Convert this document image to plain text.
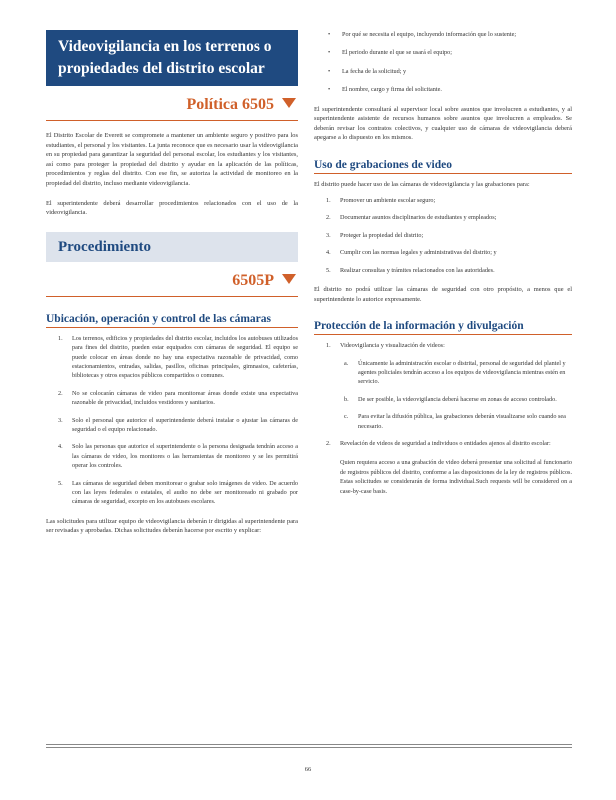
Videovigilancia en los terrenos o
propiedades del distrito escolar
Política 6505

El Distrito Escolar de Everett se compromete a mantener un ambiente seguro y positivo para los estudiantes, el personal y los visitantes. La junta reconoce que es necesario usar la videovigilancia en su propiedad para garantizar la seguridad del personal escolar, los estudiantes y los visitantes, así como para proteger la propiedad del distrito y ayudar en la aplicación de las políticas, procedimientos y reglas del distrito. Con ese fin, se autoriza la actividad de monitoreo en la propiedad del distrito, incluso mediante videovigilancia.

El superintendente deberá desarrollar procedimientos relacionados con el uso de la videovigilancia.

Procedimiento
6505P
Ubicación, operación y control de las cámaras
1. Los terrenos, edificios y propiedades del distrito escolar, incluidos los autobuses utilizados para fines del distrito, pueden estar equipados con cámaras de seguridad. El equipo se puede colocar en áreas donde no hay una expectativa razonable de privacidad, como estacionamientos, entradas, salidas, pasillos, oficinas principales, gimnasios, cafeterías, bibliotecas y otros espacios públicos compartidos o comunes.
2. No se colocarán cámaras de video para monitorear áreas donde existe una expectativa razonable de privacidad, incluidos vestidores y sanitarios.
3. Solo el personal que autorice el superintendente deberá instalar o ajustar las cámaras de seguridad o el equipo relacionado.
4. Solo las personas que autorice el superintendente o la persona designada tendrán acceso a las cámaras de video, los monitores o las herramientas de monitoreo y se les permitirá operar los controles.
5. Las cámaras de seguridad deben monitorear o grabar solo imágenes de video. De acuerdo con las leyes federales o estatales, el audio no debe ser monitoreado ni grabado por cámaras de seguridad, excepto en los autobuses escolares.

Las solicitudes para utilizar equipo de videovigilancia deberán ir dirigidas al superintendente para ser revisadas y aprobadas. Dichas solicitudes deberán hacerse por escrito y explicar:

• Por qué se necesita el equipo, incluyendo información que lo sustente;
• El periodo durante el que se usará el equipo;
• La fecha de la solicitud; y
• El nombre, cargo y firma del solicitante.

El superintendente consultará al supervisor local sobre asuntos que involucren a estudiantes, y al superintendente asistente de recursos humanos sobre asuntos que involucren a empleados. Se deberán revisar los contratos colectivos, y cualquier uso de cámaras de videovigilancia deberá apegarse a lo dispuesto en los mismos.

Uso de grabaciones de video

El distrito puede hacer uso de las cámaras de videovigilancia y las grabaciones para:

1. Promover un ambiente escolar seguro;
2. Documentar asuntos disciplinarios de estudiantes y empleados;
3. Proteger la propiedad del distrito;
4. Cumplir con las normas legales y administrativas del distrito; y
5. Realizar consultas y trámites relacionados con las autoridades.

El distrito no podrá utilizar las cámaras de seguridad con otro propósito, a menos que el superintendente lo autorice expresamente.

Protección de la información y divulgación
1. Videovigilancia y visualización de videos:
a. Únicamente la administración escolar o distrital, personal de seguridad del plantel y agentes policiales tendrán acceso a los equipos de videovigilancia mientras estén en servicio.
b. De ser posible, la videovigilancia deberá hacerse en zonas de acceso controlado.
c. Para evitar la difusión pública, las grabaciones deberán visualizarse solo cuando sea necesario.
2. Revelación de videos de seguridad a individuos o entidades ajenos al distrito escolar:

Quien requiera acceso a una grabación de video deberá presentar una solicitud al funcionario de registros públicos del distrito, conforme a las disposiciones de la ley de registros públicos. Estas solicitudes se considerarán de forma individual.Such requests will be considered on a case-by-case basis.

66
